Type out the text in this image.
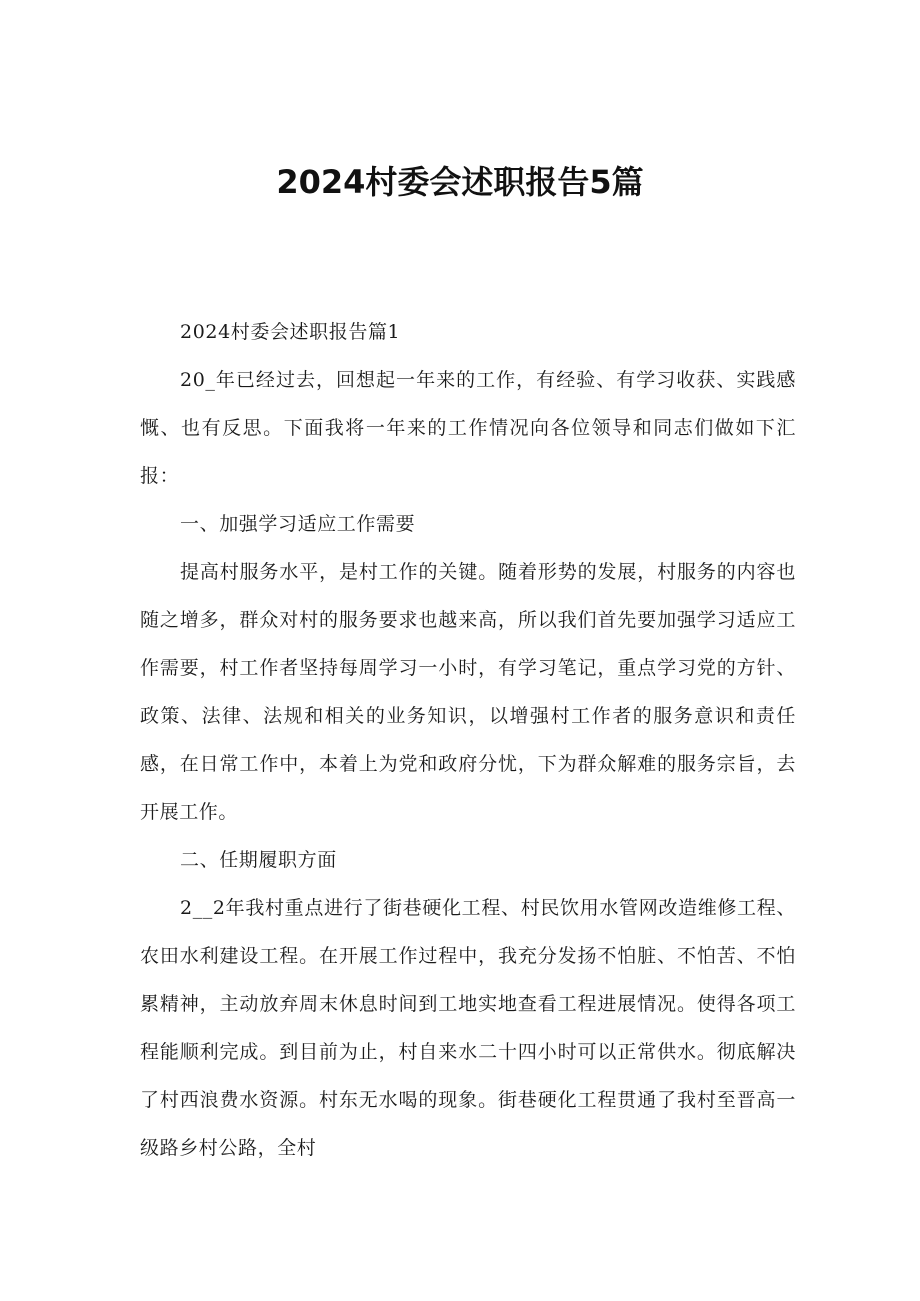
2024村委会述职报告5篇

2024村委会述职报告篇1

20_年已经过去，回想起一年来的工作，有经验、有学习收获、实践感慨、也有反思。下面我将一年来的工作情况向各位领导和同志们做如下汇报：

一、加强学习适应工作需要

提高村服务水平，是村工作的关键。随着形势的发展，村服务的内容也随之增多，群众对村的服务要求也越来高，所以我们首先要加强学习适应工作需要，村工作者坚持每周学习一小时，有学习笔记，重点学习党的方针、政策、法律、法规和相关的业务知识，以增强村工作者的服务意识和责任感，在日常工作中，本着上为党和政府分忧，下为群众解难的服务宗旨，去开展工作。

二、任期履职方面

2__2年我村重点进行了街巷硬化工程、村民饮用水管网改造维修工程、农田水利建设工程。在开展工作过程中，我充分发扬不怕脏、不怕苦、不怕累精神，主动放弃周末休息时间到工地实地查看工程进展情况。使得各项工程能顺利完成。到目前为止，村自来水二十四小时可以正常供水。彻底解决了村西浪费水资源。村东无水喝的现象。街巷硬化工程贯通了我村至晋高一级路乡村公路，全村
